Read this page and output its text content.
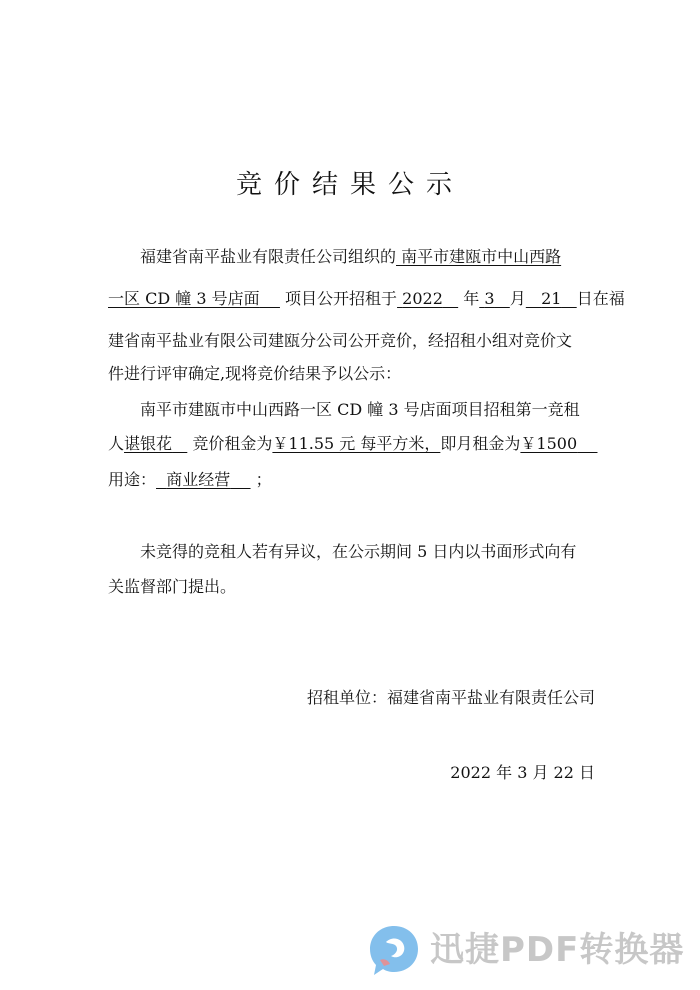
竞价结果公示
福建省南平盐业有限责任公司组织的 南平市建瓯市中山西路
一区 CD 幢 3 号店面 项目公开招租于 2022 年 3 月 21 日在福
建省南平盐业有限公司建瓯分公司公开竞价，经招租小组对竞价文
件进行评审确定,现将竞价结果予以公示：
南平市建瓯市中山西路一区 CD 幢 3 号店面项目招租第一竞租
人谌银花 竞价租金为￥11.55 元 每平方米，即月租金为￥1500
用途： 商业经营 ；
未竞得的竞租人若有异议，在公示期间 5 日内以书面形式向有
关监督部门提出。
招租单位：福建省南平盐业有限责任公司
2022 年 3 月 22 日
迅捷PDF转换器
